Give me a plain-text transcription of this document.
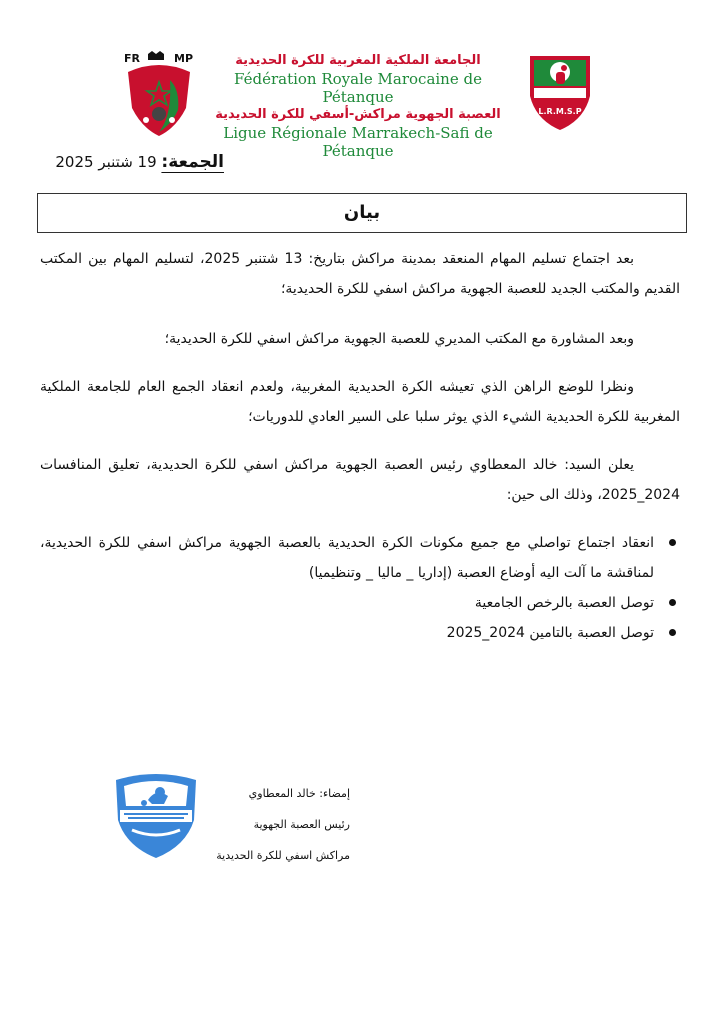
FR	MP	الجامعة الملكية المغربية للكرة الحديدية
Fédération Royale Marocaine de Pétanque
العصبة الجهوية مراكش-أسفي للكرة الحديدية
Ligue Régionale Marrakech-Safi de Pétanque
L.R.M.S.P
الجمعة: 19 شتنبر 2025
بيان

بعد اجتماع تسليم المهام المنعقد بمدينة مراكش بتاريخ: 13 شتنبر 2025، لتسليم المهام بين المكتب القديم والمكتب الجديد للعصبة الجهوية مراكش اسفي للكرة الحديدية؛

وبعد المشاورة مع المكتب المديري للعصبة الجهوية مراكش اسفي للكرة الحديدية؛

ونظرا للوضع الراهن الذي تعيشه الكرة الحديدية المغربية، ولعدم انعقاد الجمع العام للجامعة الملكية المغربية للكرة الحديدية الشيء الذي يوثر سلبا على السير العادي للدوريات؛

يعلن السيد: خالد المعطاوي رئيس العصبة الجهوية مراكش اسفي للكرة الحديدية، تعليق المنافسات 2024_2025، وذلك الى حين:

انعقاد اجتماع تواصلي مع جميع مكونات الكرة الحديدية بالعصبة الجهوية مراكش اسفي للكرة الحديدية، لمناقشة ما آلت اليه أوضاع العصبة (إداريا _ ماليا _ وتنظيميا)
توصل العصبة بالرخص الجامعية
توصل العصبة بالتامين 2024_2025
إمضاء: خالد المعطاوي
رئيس العصبة الجهوية
مراكش اسفي للكرة الحديدية
